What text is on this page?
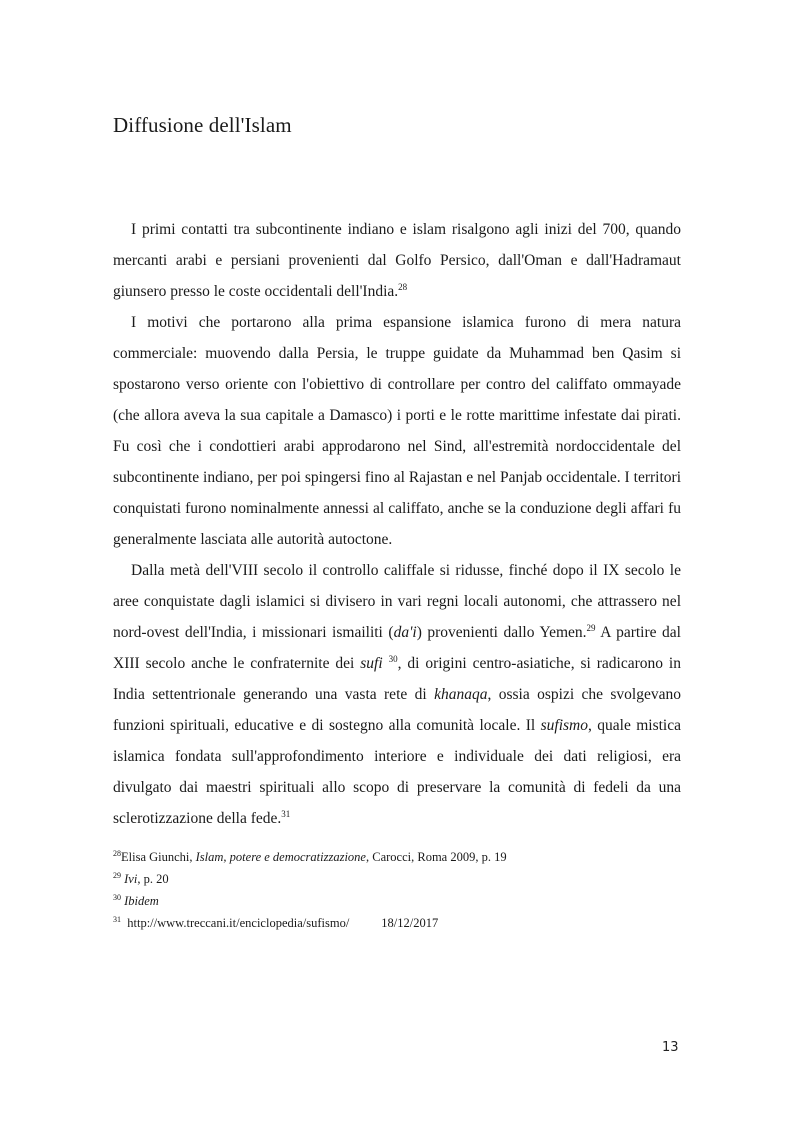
Diffusione dell'Islam

I primi contatti tra subcontinente indiano e islam risalgono agli inizi del 700, quando mercanti arabi e persiani provenienti dal Golfo Persico, dall'Oman e dall'Hadramaut giunsero presso le coste occidentali dell'India.$^{28}$

I motivi che portarono alla prima espansione islamica furono di mera natura commerciale: muovendo dalla Persia, le truppe guidate da Muhammad ben Qasim si spostarono verso oriente con l'obiettivo di controllare per contro del califfato ommayade (che allora aveva la sua capitale a Damasco) i porti e le rotte marittime infestate dai pirati. Fu così che i condottieri arabi approdarono nel Sind, all'estremità nordoccidentale del subcontinente indiano, per poi spingersi fino al Rajastan e nel Panjab occidentale. I territori conquistati furono nominalmente annessi al califfato, anche se la conduzione degli affari fu generalmente lasciata alle autorità autoctone.

Dalla metà dell'VIII secolo il controllo califfale si ridusse, finché dopo il IX secolo le aree conquistate dagli islamici si divisero in vari regni locali autonomi, che attrassero nel nord-ovest dell'India, i missionari ismailiti (da'i) provenienti dallo Yemen.$^{29}$ A partire dal XIII secolo anche le confraternite dei sufi $^{30}$, di origini centro-asiatiche, si radicarono in India settentrionale generando una vasta rete di khanaqa, ossia ospizi che svolgevano funzioni spirituali, educative e di sostegno alla comunità locale. Il sufismo, quale mistica islamica fondata sull'approfondimento interiore e individuale dei dati religiosi, era divulgato dai maestri spirituali allo scopo di preservare la comunità di fedeli da una sclerotizzazione della fede.$^{31}$

$^{28}$Elisa Giunchi, Islam, potere e democratizzazione, Carocci, Roma 2009, p. 19

$^{29}$ Ivi, p. 20

$^{30}$ Ibidem

$^{31}$ http://www.treccani.it/enciclopedia/sufismo/	18/12/2017

13
